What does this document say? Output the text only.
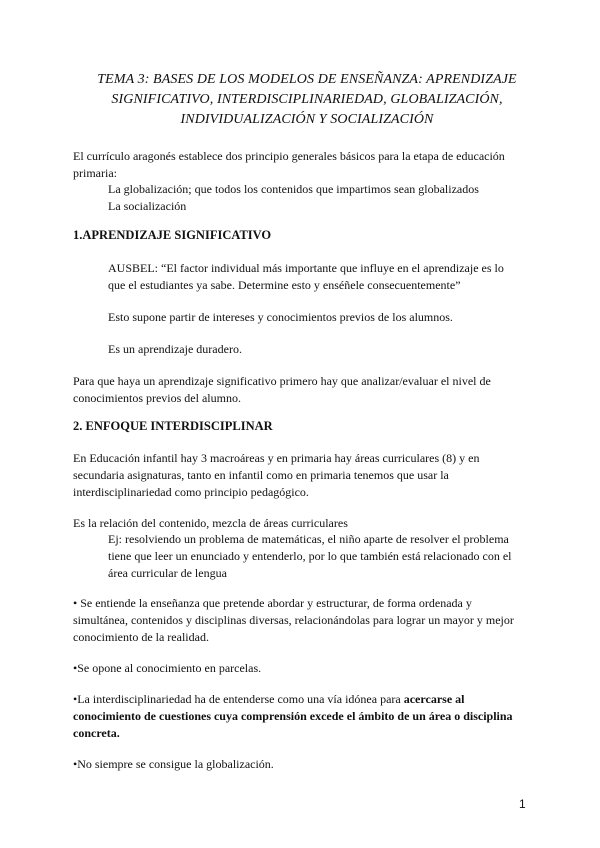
TEMA 3: BASES DE LOS MODELOS DE ENSEÑANZA: APRENDIZAJE
SIGNIFICATIVO, INTERDISCIPLINARIEDAD, GLOBALIZACIÓN,
INDIVIDUALIZACIÓN Y SOCIALIZACIÓN

El currículo aragonés establece dos principio generales básicos para la etapa de educación
primaria:

La globalización; que todos los contenidos que impartimos sean globalizados

La socialización

1.APRENDIZAJE SIGNIFICATIVO

AUSBEL: “El factor individual más importante que influye en el aprendizaje es lo
que el estudiantes ya sabe. Determine esto y enséñele consecuentemente”

Esto supone partir de intereses y conocimientos previos de los alumnos.

Es un aprendizaje duradero.

Para que haya un aprendizaje significativo primero hay que analizar/evaluar el nivel de
conocimientos previos del alumno.

2. ENFOQUE INTERDISCIPLINAR

En Educación infantil hay 3 macroáreas y en primaria hay áreas curriculares (8) y en
secundaria asignaturas, tanto en infantil como en primaria tenemos que usar la
interdisciplinariedad como principio pedagógico.

Es la relación del contenido, mezcla de áreas curriculares

Ej: resolviendo un problema de matemáticas, el niño aparte de resolver el problema
tiene que leer un enunciado y entenderlo, por lo que también está relacionado con el
área curricular de lengua

• Se entiende la enseñanza que pretende abordar y estructurar, de forma ordenada y
simultánea, contenidos y disciplinas diversas, relacionándolas para lograr un mayor y mejor
conocimiento de la realidad.

•Se opone al conocimiento en parcelas.

•La interdisciplinariedad ha de entenderse como una vía idónea para acercarse al
conocimiento de cuestiones cuya comprensión excede el ámbito de un área o disciplina
concreta.

•No siempre se consigue la globalización.

1
